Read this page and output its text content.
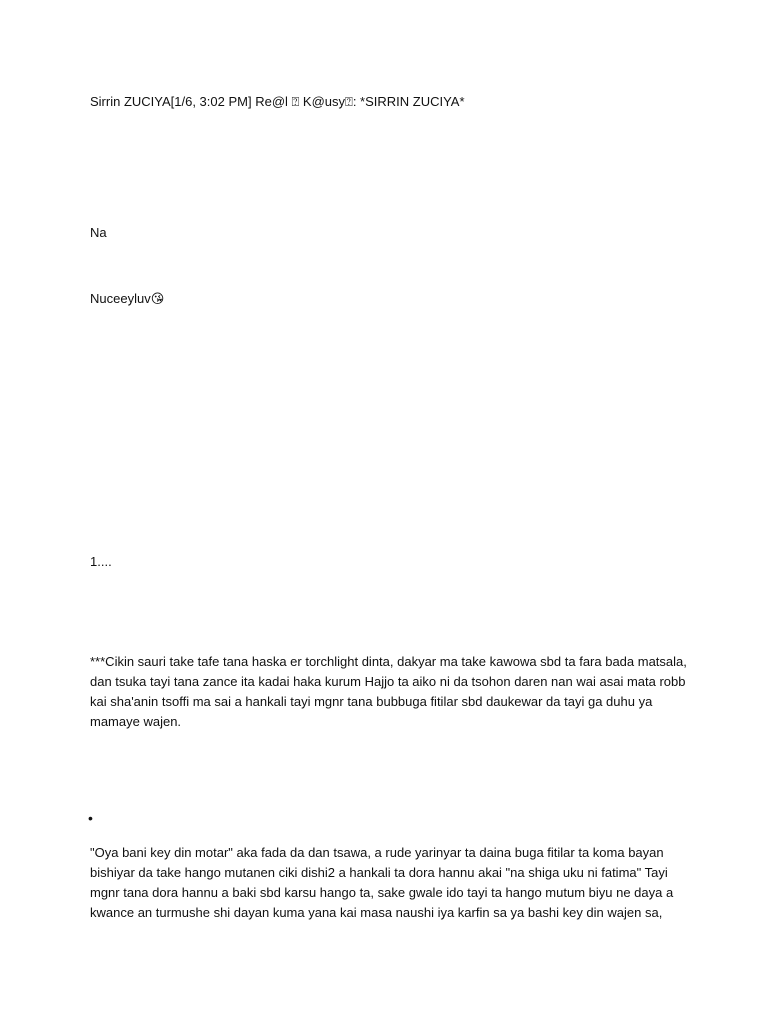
Sirrin ZUCIYA[1/6, 3:02 PM] Re@l ⍰ K@usy⍰: *SIRRIN ZUCIYA*
Na
Nuceeyluv😘
1....

***Cikin sauri take tafe tana haska er torchlight dinta, dakyar ma take kawowa sbd ta fara bada matsala,

dan tsuka tayi tana zance ita kadai haka kurum Hajjo ta aiko ni da tsohon daren nan wai asai mata robb

kai sha'anin tsoffi ma sai a hankali tayi mgnr tana bubbuga fitilar sbd daukewar da tayi ga duhu ya

mamaye wajen.

•

"Oya bani key din motar" aka fada da dan tsawa, a rude yarinyar ta daina buga fitilar ta koma bayan

bishiyar da take hango mutanen ciki dishi2 a hankali ta dora hannu akai "na shiga uku ni fatima" Tayi

mgnr tana dora hannu a baki sbd karsu hango ta, sake gwale ido tayi ta hango mutum biyu ne daya a

kwance an turmushe shi dayan kuma yana kai masa naushi iya karfin sa ya bashi key din wajen sa,
